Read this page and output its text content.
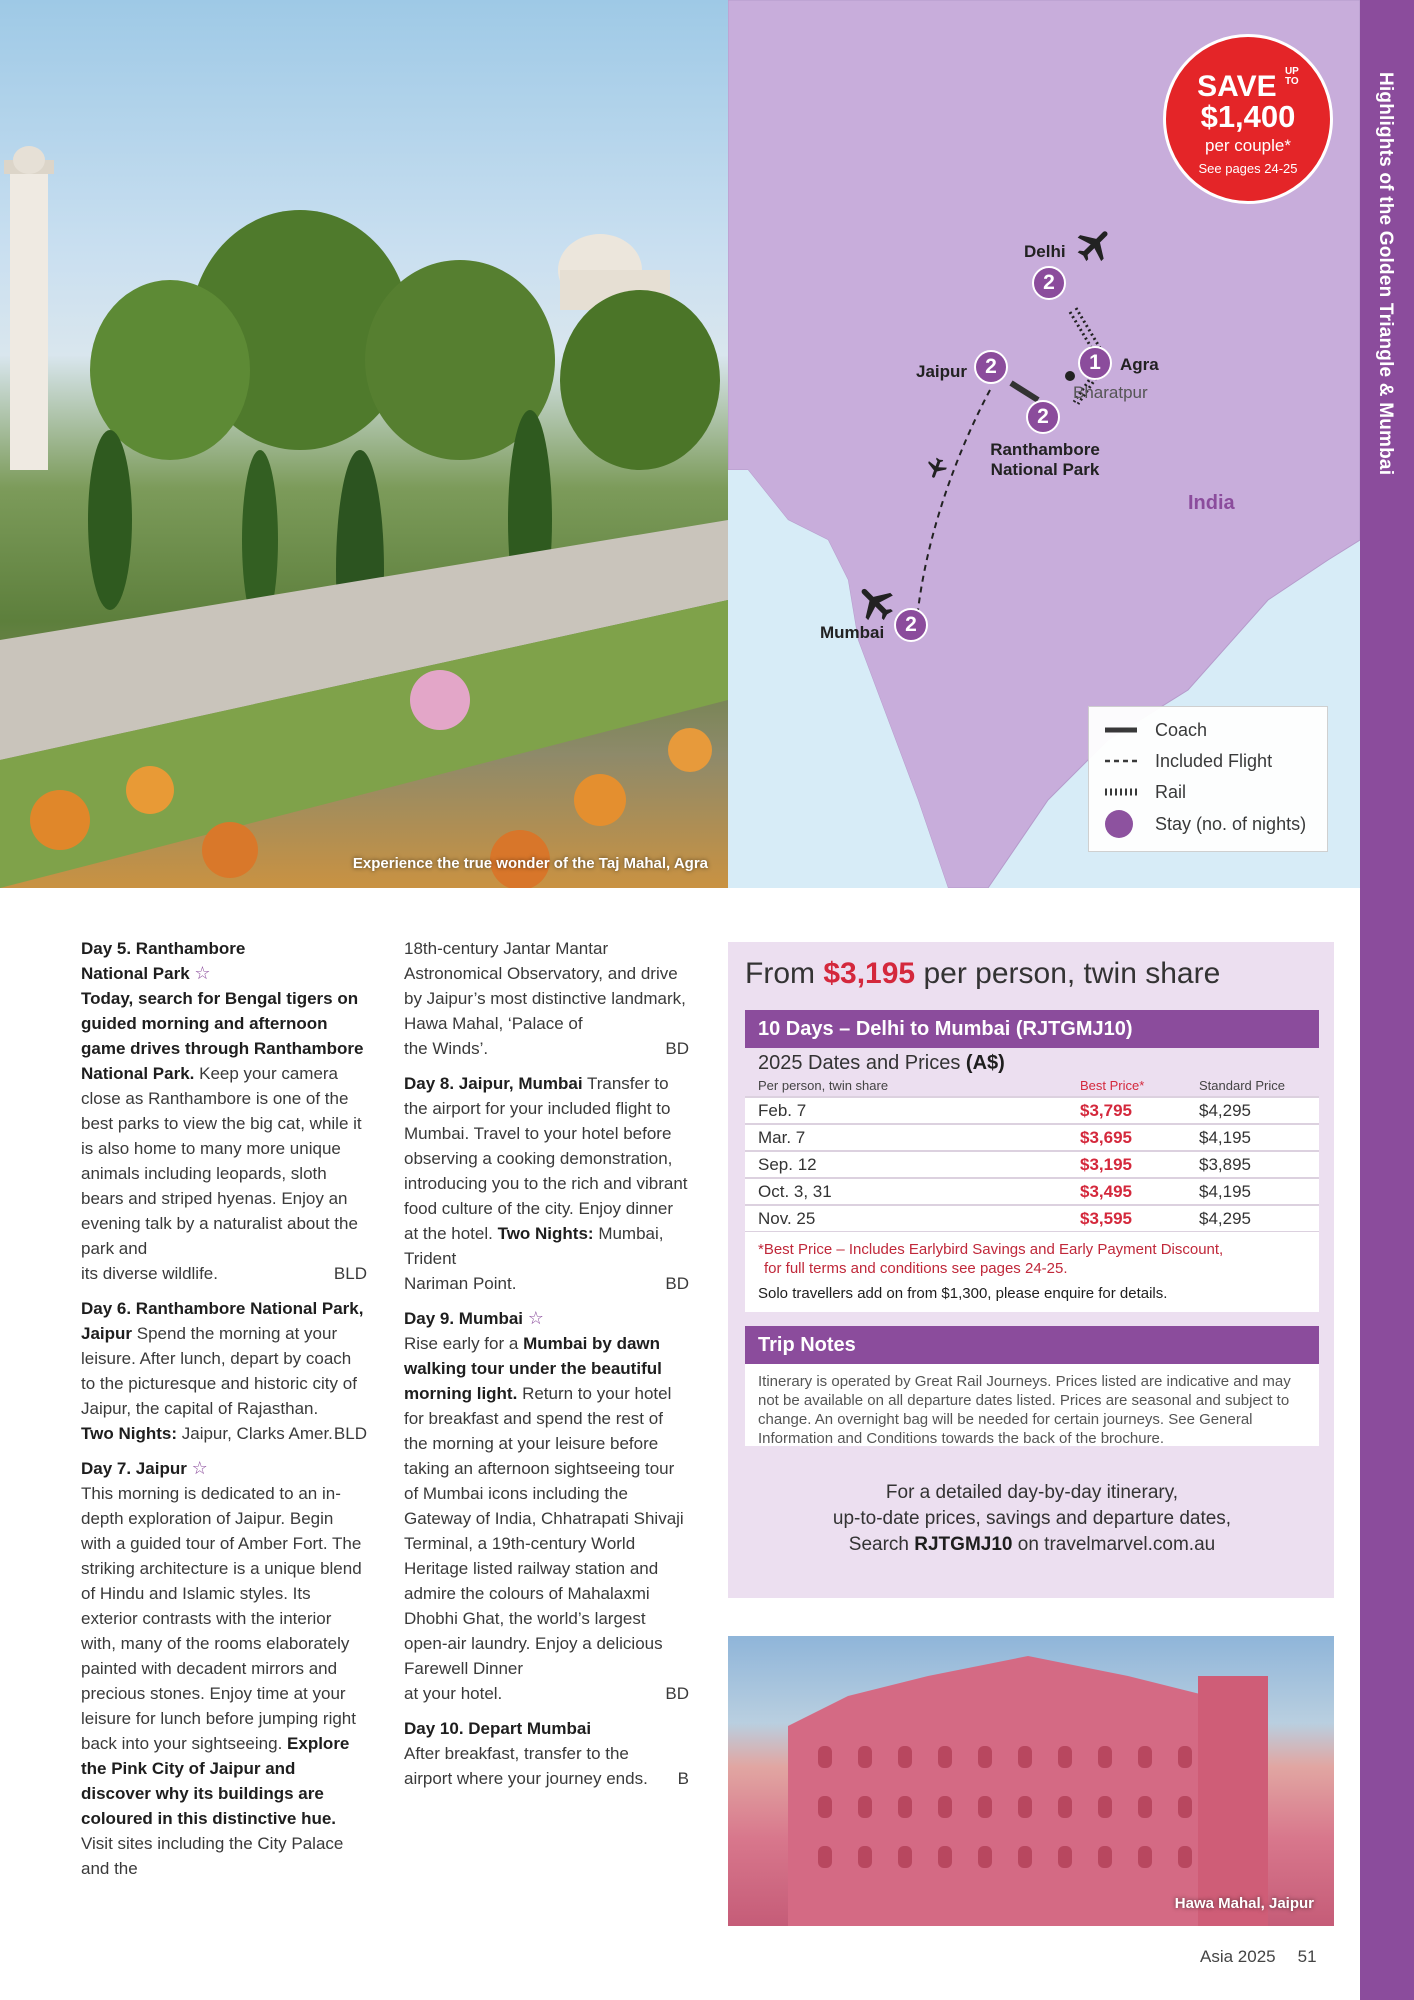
Experience the true wonder of the Taj Mahal, Agra
SAVE UP
TO
$1,400
per couple*
See pages 24-25
Delhi
2
Agra
1
Bharatpur
Jaipur 2
2
Ranthambore
National Park
Mumbai 2
India
Coach
Included Flight
Rail
Stay (no. of nights)
Highlights of the Golden Triangle & Mumbai
Day 5. Ranthambore
National Park ☆
Today, search for Bengal tigers on guided morning and afternoon game drives through Ranthambore National Park. Keep your camera close as Ranthambore is one of the best parks to view the big cat, while it is also home to many more unique animals including leopards, sloth bears and striped hyenas. Enjoy an evening talk by a naturalist about the park and
its diverse wildlife.	BLD
Day 6. Ranthambore National Park, Jaipur Spend the morning at your leisure. After lunch, depart by coach to the picturesque and historic city of Jaipur, the capital of Rajasthan.
Two Nights: Jaipur, Clarks Amer. BLD
Day 7. Jaipur ☆
This morning is dedicated to an in-depth exploration of Jaipur. Begin with a guided tour of Amber Fort. The striking architecture is a unique blend of Hindu and Islamic styles. Its exterior contrasts with the interior with, many of the rooms elaborately painted with decadent mirrors and precious stones. Enjoy time at your leisure for lunch before jumping right back into your sightseeing. Explore the Pink City of Jaipur and discover why its buildings are coloured in this distinctive hue. Visit sites including the City Palace and the
18th-century Jantar Mantar Astronomical Observatory, and drive by Jaipur’s most distinctive landmark, Hawa Mahal, ‘Palace of
the Winds’.	BD
Day 8. Jaipur, Mumbai Transfer to the airport for your included flight to Mumbai. Travel to your hotel before observing a cooking demonstration, introducing you to the rich and vibrant food culture of the city. Enjoy dinner at the hotel. Two Nights: Mumbai, Trident
Nariman Point.	BD
Day 9. Mumbai ☆
Rise early for a Mumbai by dawn walking tour under the beautiful morning light. Return to your hotel for breakfast and spend the rest of the morning at your leisure before taking an afternoon sightseeing tour of Mumbai icons including the Gateway of India, Chhatrapati Shivaji Terminal, a 19th-century World Heritage listed railway station and admire the colours of Mahalaxmi Dhobhi Ghat, the world’s largest open-air laundry. Enjoy a delicious Farewell Dinner
at your hotel.	BD
Day 10. Depart Mumbai
After breakfast, transfer to the
airport where your journey ends. B
From $3,195 per person, twin share
10 Days – Delhi to Mumbai (RJTGMJ10)
2025 Dates and Prices (A$)
Per person, twin share	Best Price*	Standard Price
Feb. 7	$3,795	$4,295
Mar. 7	$3,695	$4,195
Sep. 12	$3,195	$3,895
Oct. 3, 31	$3,495	$4,195
Nov. 25	$3,595	$4,295
*Best Price – Includes Earlybird Savings and Early Payment Discount,
for full terms and conditions see pages 24-25.
Solo travellers add on from $1,300, please enquire for details.
Trip Notes
Itinerary is operated by Great Rail Journeys. Prices listed are indicative and may not be available on all departure dates listed. Prices are seasonal and subject to change. An overnight bag will be needed for certain journeys. See General Information and Conditions towards the back of the brochure.
For a detailed day-by-day itinerary,
up-to-date prices, savings and departure dates,
Search RJTGMJ10 on travelmarvel.com.au
Hawa Mahal, Jaipur
Asia 2025 51
